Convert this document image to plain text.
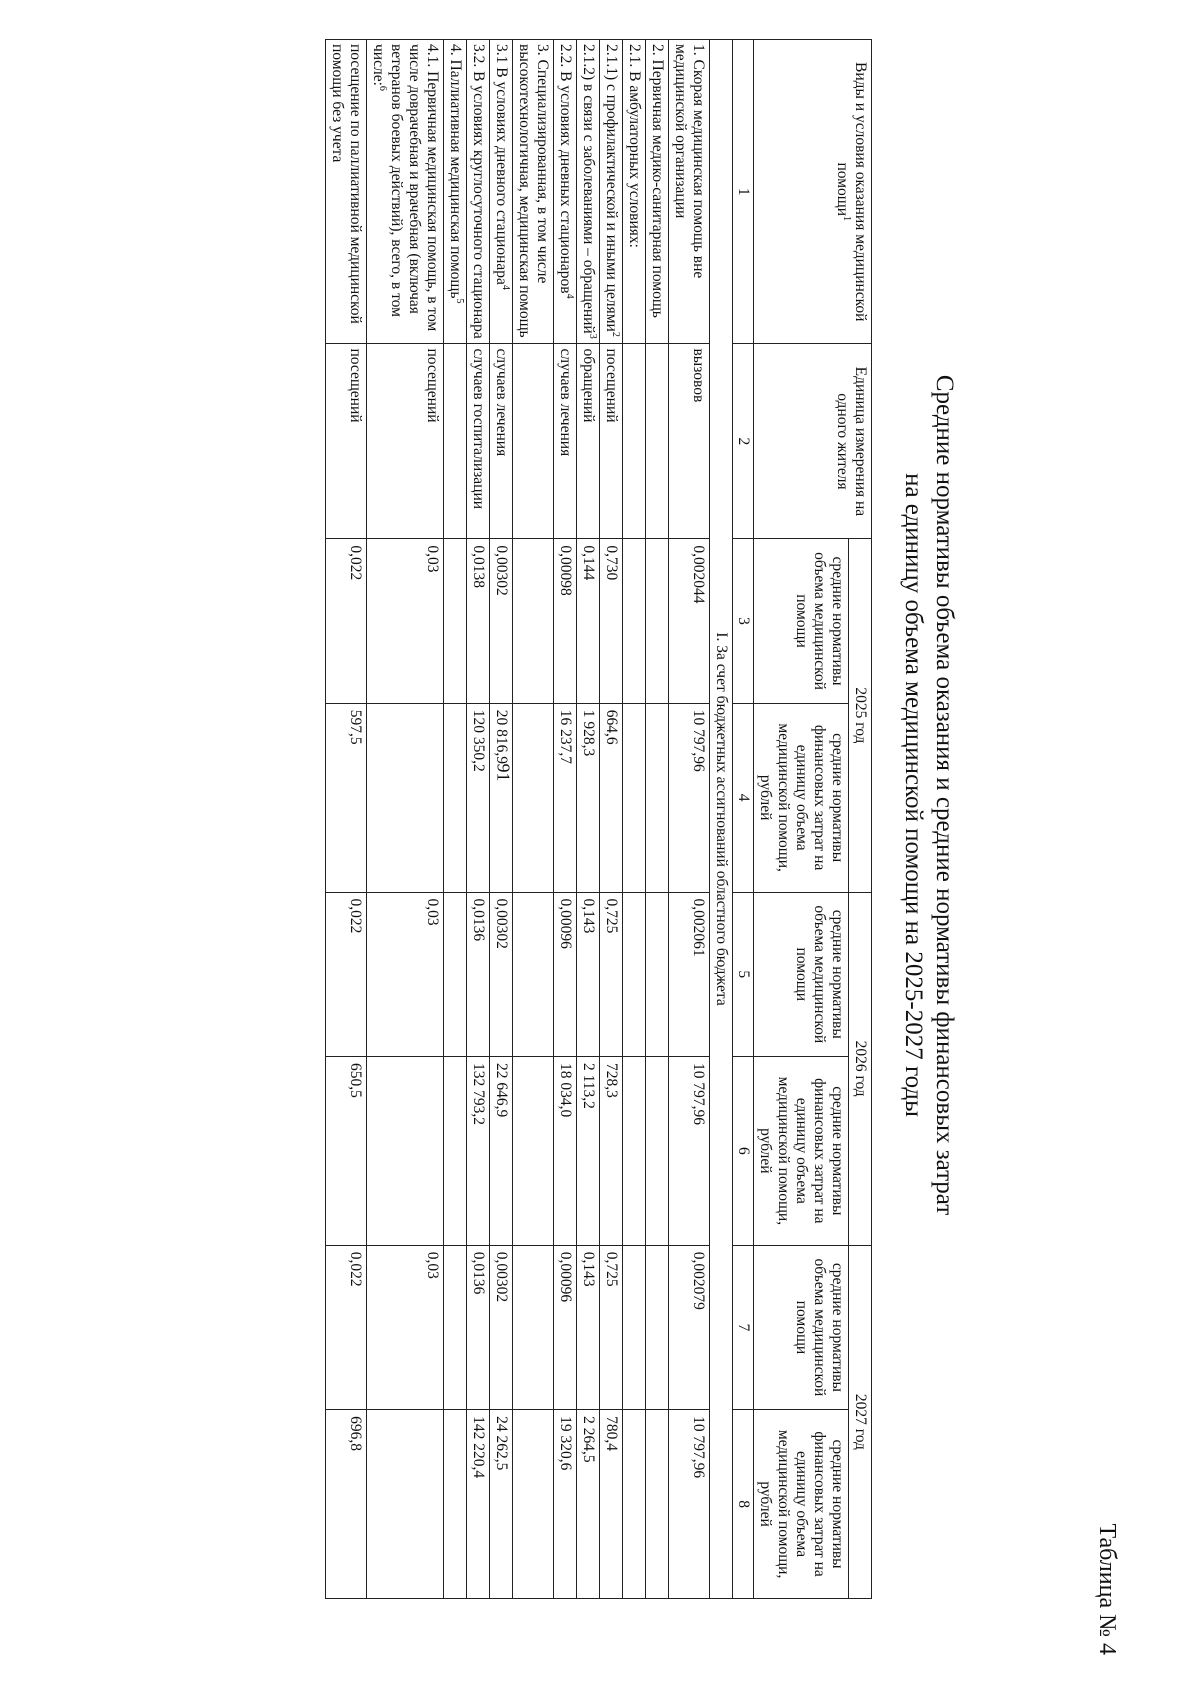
91
Таблица № 4
Средние нормативы объема оказания и средние нормативы финансовых затрат
на единицу объема медицинской помощи на 2025-2027 годы
Виды и условия оказания медицинской помощи$^1$	Единица измерения на одного жителя	2025 год		2026 год		2027 год	
		средние нормативы объема медицинской помощи	средние нормативы финансовых затрат на единицу объема медицинской помощи, рублей	средние нормативы объема медицинской помощи	средние нормативы финансовых затрат на единицу объема медицинской помощи, рублей	средние нормативы объема медицинской помощи	средние нормативы финансовых затрат на единицу объема медицинской помощи, рублей
1	2	3	4	5	6	7	8
I. За счет бюджетных ассигнований областного бюджета							
1. Скорая медицинская помощь вне медицинской организации	вызовов	0,002044	10 797,96	0,002061	10 797,96	0,002079	10 797,96
2. Первичная медико-санитарная помощь							
2.1. В амбулаторных условиях:							
2.1.1) с профилактической и иными целями$^2$	посещений	0,730	664,6	0,725	728,3	0,725	780,4
2.1.2) в связи с заболеваниями – обращений$^3$	обращений	0,144	1 928,3	0,143	2 113,2	0,143	2 264,5
2.2. В условиях дневных стационаров$^4$	случаев лечения	0,00098	16 237,7	0,00096	18 034,0	0,00096	19 320,6
3. Специализированная, в том числе высокотехнологичная, медицинская помощь							
3.1 В условиях дневного стационара$^4$	случаев лечения	0,00302	20 816,9	0,00302	22 646,9	0,00302	24 262,5
3.2. В условиях круглосуточного стационара	случаев госпитализации	0,0138	120 350,2	0,0136	132 793,2	0,0136	142 220,4
4. Паллиативная медицинская помощь$^5$							
4.1. Первичная медицинская помощь, в том числе доврачебная и врачебная (включая ветеранов боевых действий), всего, в том числе:$^6$	посещений	0,03		0,03		0,03	
посещение по паллиативной медицинской помощи без учета	посещений	0,022	597,5	0,022	650,5	0,022	696,8
